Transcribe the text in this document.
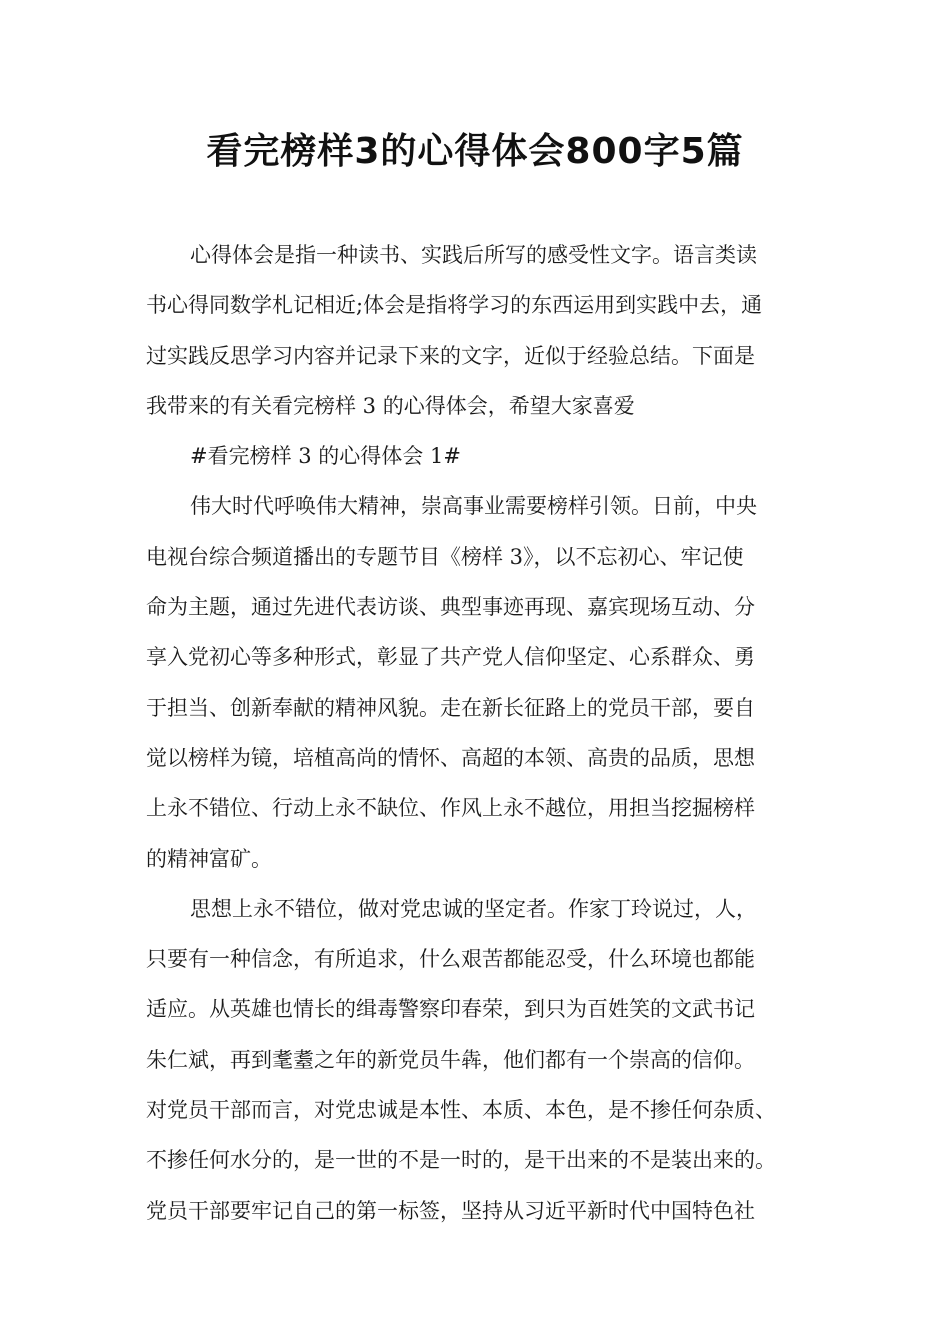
看完榜样3的心得体会800字5篇
心得体会是指一种读书、实践后所写的感受性文字。语言类读
书心得同数学札记相近;体会是指将学习的东西运用到实践中去，通
过实践反思学习内容并记录下来的文字，近似于经验总结。下面是
我带来的有关看完榜样 3 的心得体会，希望大家喜爱
#看完榜样 3 的心得体会 1#
伟大时代呼唤伟大精神，崇高事业需要榜样引领。日前，中央
电视台综合频道播出的专题节目《榜样 3》，以不忘初心、牢记使
命为主题，通过先进代表访谈、典型事迹再现、嘉宾现场互动、分
享入党初心等多种形式，彰显了共产党人信仰坚定、心系群众、勇
于担当、创新奉献的精神风貌。走在新长征路上的党员干部，要自
觉以榜样为镜，培植高尚的情怀、高超的本领、高贵的品质，思想
上永不错位、行动上永不缺位、作风上永不越位，用担当挖掘榜样
的精神富矿。
思想上永不错位，做对党忠诚的坚定者。作家丁玲说过，人，
只要有一种信念，有所追求，什么艰苦都能忍受，什么环境也都能
适应。从英雄也情长的缉毒警察印春荣，到只为百姓笑的文武书记
朱仁斌，再到耄耋之年的新党员牛犇，他们都有一个崇高的信仰。
对党员干部而言，对党忠诚是本性、本质、本色，是不掺任何杂质、
不掺任何水分的，是一世的不是一时的，是干出来的不是装出来的。
党员干部要牢记自己的第一标签，坚持从习近平新时代中国特色社
